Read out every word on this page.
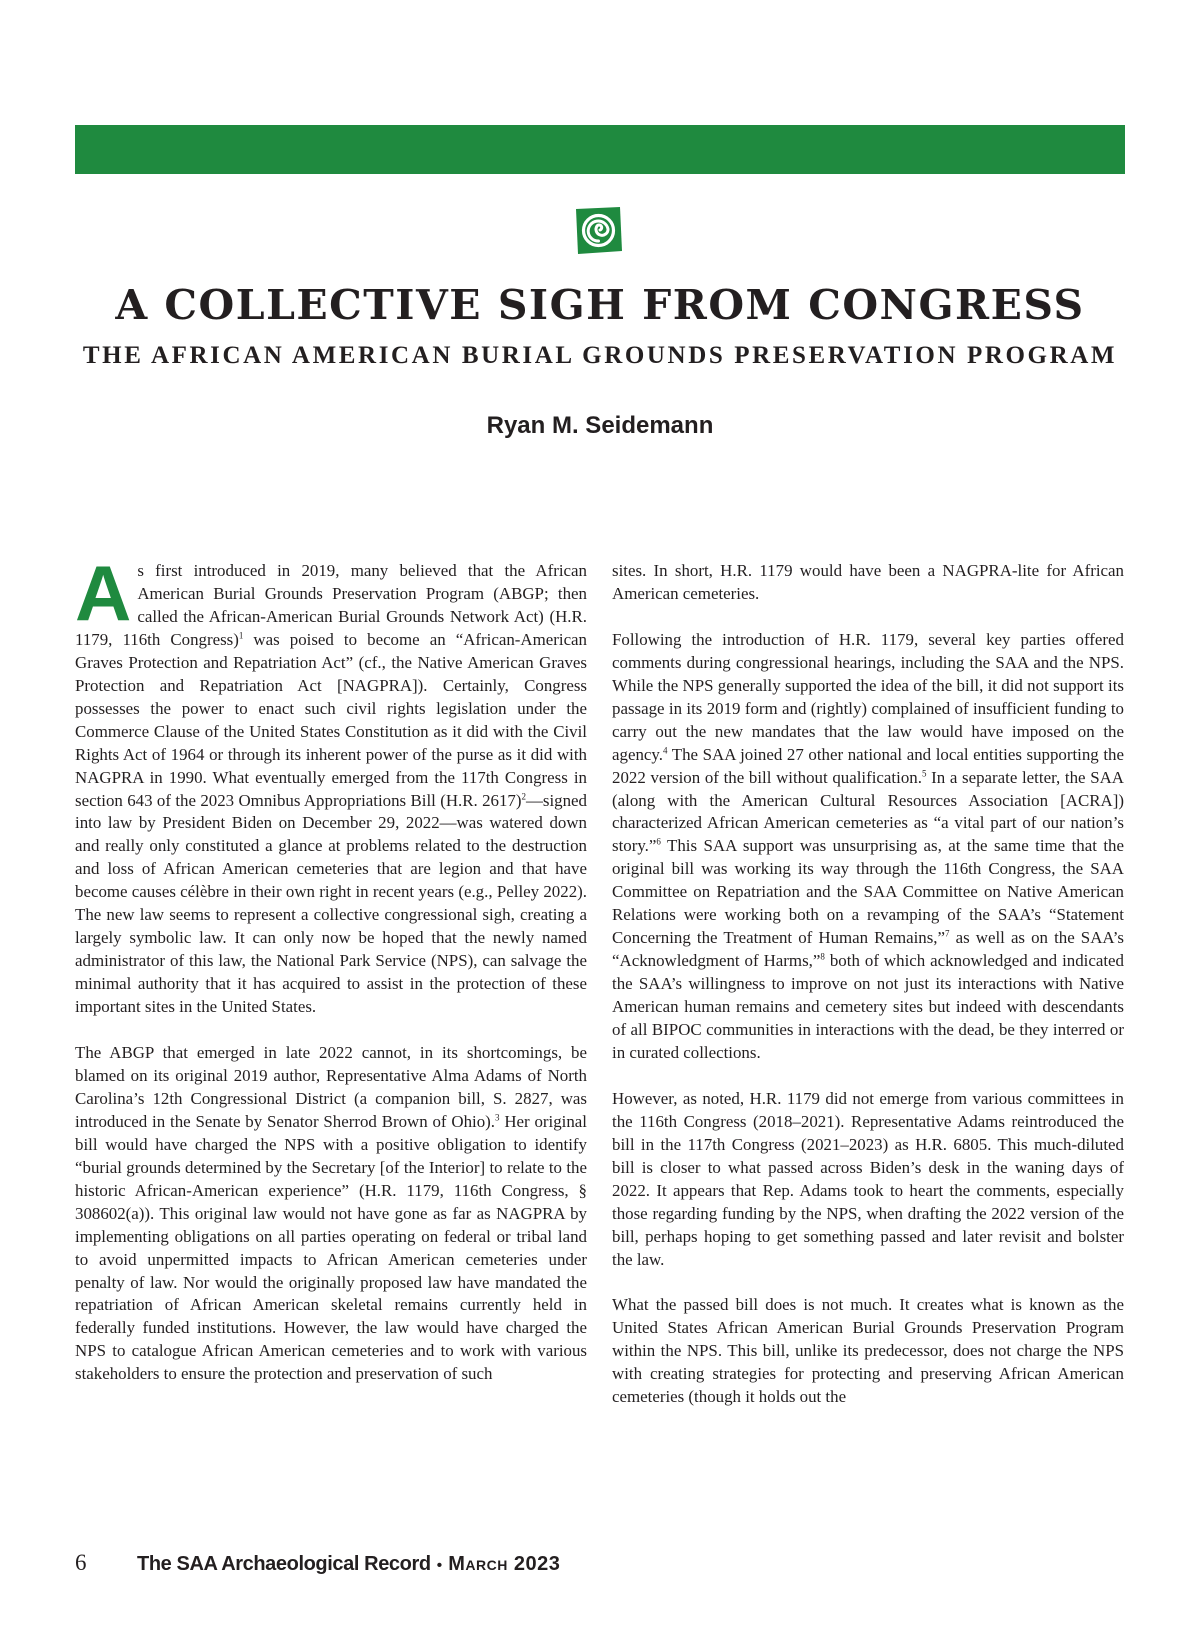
A COLLECTIVE SIGH FROM CONGRESS
THE AFRICAN AMERICAN BURIAL GROUNDS PRESERVATION PROGRAM
Ryan M. Seidemann

As first introduced in 2019, many believed that the African American Burial Grounds Preservation Program (ABGP; then called the African-American Burial Grounds Network Act) (H.R. 1179, 116th Congress)$^1$ was poised to become an “African-American Graves Protection and Repatriation Act” (cf., the Native American Graves Protection and Repatriation Act [NAGPRA]). Certainly, Congress possesses the power to enact such civil rights legislation under the Commerce Clause of the United States Constitution as it did with the Civil Rights Act of 1964 or through its inherent power of the purse as it did with NAGPRA in 1990. What eventually emerged from the 117th Congress in section 643 of the 2023 Omnibus Appropriations Bill (H.R. 2617)$^2$—signed into law by President Biden on December 29, 2022—was watered down and really only constituted a glance at problems related to the destruction and loss of African American cemeteries that are legion and that have become causes célèbre in their own right in recent years (e.g., Pelley 2022). The new law seems to represent a collective congressional sigh, creating a largely symbolic law. It can only now be hoped that the newly named administrator of this law, the National Park Service (NPS), can salvage the minimal authority that it has acquired to assist in the protection of these important sites in the United States.

The ABGP that emerged in late 2022 cannot, in its shortcomings, be blamed on its original 2019 author, Representative Alma Adams of North Carolina’s 12th Congressional District (a companion bill, S. 2827, was introduced in the Senate by Senator Sherrod Brown of Ohio).$^3$ Her original bill would have charged the NPS with a positive obligation to identify “burial grounds determined by the Secretary [of the Interior] to relate to the historic African-American experience” (H.R. 1179, 116th Congress, § 308602(a)). This original law would not have gone as far as NAGPRA by implementing obligations on all parties operating on federal or tribal land to avoid unpermitted impacts to African American cemeteries under penalty of law. Nor would the originally proposed law have mandated the repatriation of African American skeletal remains currently held in federally funded institutions. However, the law would have charged the NPS to catalogue African American cemeteries and to work with various stakeholders to ensure the protection and preservation of such

sites. In short, H.R. 1179 would have been a NAGPRA-lite for African American cemeteries.

Following the introduction of H.R. 1179, several key parties offered comments during congressional hearings, including the SAA and the NPS. While the NPS generally supported the idea of the bill, it did not support its passage in its 2019 form and (rightly) complained of insufficient funding to carry out the new mandates that the law would have imposed on the agency.$^4$ The SAA joined 27 other national and local entities supporting the 2022 version of the bill without qualification.$^5$ In a separate letter, the SAA (along with the American Cultural Resources Association [ACRA]) characterized African American cemeteries as “a vital part of our nation’s story.”$^6$ This SAA support was unsurprising as, at the same time that the original bill was working its way through the 116th Congress, the SAA Committee on Repatriation and the SAA Committee on Native American Relations were working both on a revamping of the SAA’s “Statement Concerning the Treatment of Human Remains,”$^7$ as well as on the SAA’s “Acknowledgment of Harms,”$^8$ both of which acknowledged and indicated the SAA’s willingness to improve on not just its interactions with Native American human remains and cemetery sites but indeed with descendants of all BIPOC communities in interactions with the dead, be they interred or in curated collections.

However, as noted, H.R. 1179 did not emerge from various committees in the 116th Congress (2018–2021). Representative Adams reintroduced the bill in the 117th Congress (2021–2023) as H.R. 6805. This much-diluted bill is closer to what passed across Biden’s desk in the waning days of 2022. It appears that Rep. Adams took to heart the comments, especially those regarding funding by the NPS, when drafting the 2022 version of the bill, perhaps hoping to get something passed and later revisit and bolster the law.

What the passed bill does is not much. It creates what is known as the United States African American Burial Grounds Preservation Program within the NPS. This bill, unlike its predecessor, does not charge the NPS with creating strategies for protecting and preserving African American cemeteries (though it holds out the

6	The SAA Archaeological Record • March 2023
